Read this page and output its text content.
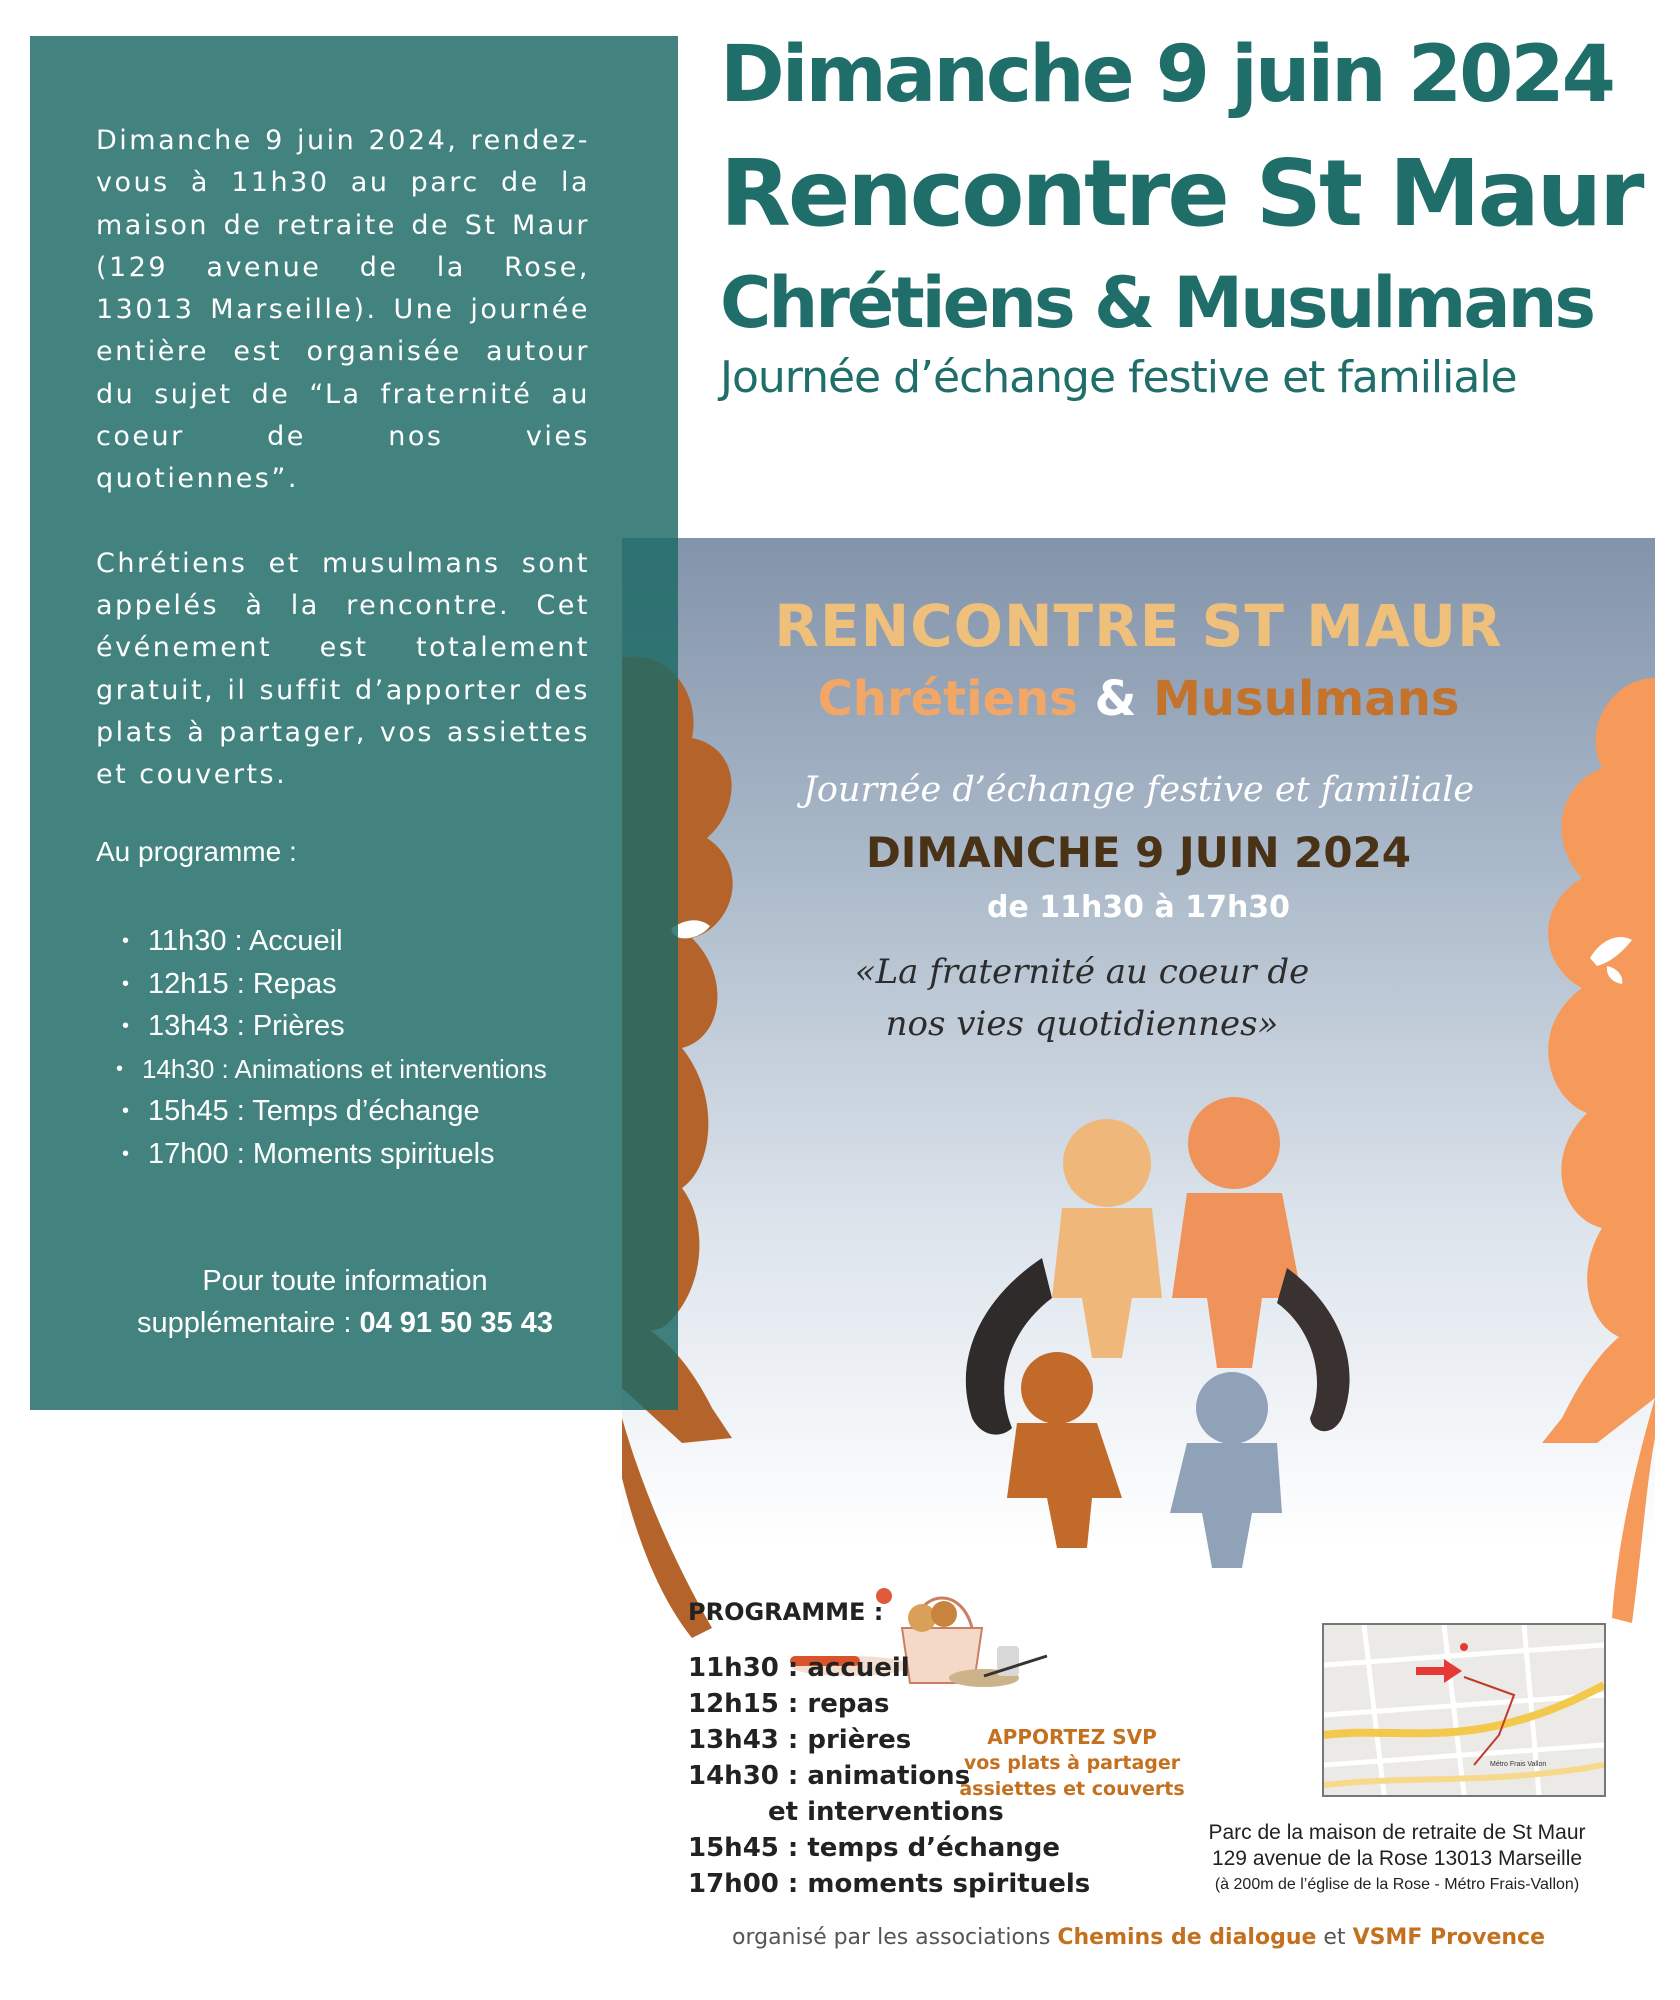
Dimanche 9 juin 2024
Rencontre St Maur
Chrétiens & Musulmans
Journée d’échange festive et familiale
RENCONTRE ST MAUR
Chrétiens & Musulmans
Journée d’échange festive et familiale
DIMANCHE 9 JUIN 2024
de 11h30 à 17h30
«La fraternité au coeur de nos vies quotidiennes»
PROGRAMME :
11h30 : accueil
12h15 : repas
13h43 : prières
14h30 : animations
et interventions
15h45 : temps d’échange
17h00 : moments spirituels
APPORTEZ SVP
vos plats à partager
assiettes et couverts
Métro Frais Vallon
Parc de la maison de retraite de St Maur
129 avenue de la Rose 13013 Marseille
(à 200m de l’église de la Rose - Métro Frais-Vallon)
organisé par les associations Chemins de dialogue et VSMF Provence

Dimanche 9 juin 2024, rendez-vous à 11h30 au parc de la maison de retraite de St Maur (129 avenue de la Rose, 13013 Marseille). Une journée entière est organisée autour du sujet de “La fraternité au coeur de nos vies quotiennes”.

Chrétiens et musulmans sont appelés à la rencontre. Cet événement est totalement gratuit, il suffit d’apporter des plats à partager, vos assiettes et couverts.

Au programme :
• 11h30 : Accueil
• 12h15 : Repas
• 13h43 : Prières
• 14h30 : Animations et interventions
• 15h45 : Temps d’échange
• 17h00 : Moments spirituels
Pour toute information
supplémentaire : 04 91 50 35 43
